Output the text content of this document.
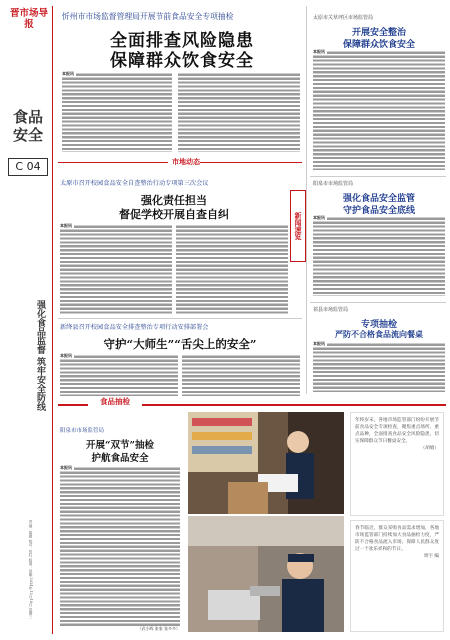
晋市场导报
食品安全
C 04
强化食品监督 筑牢安全防线
责编：胡娟 校对：贺红 版面：蔡娜 2024年12月18日 星期三
忻州市市场监督管理局开展节前食品安全专项抽检
全面排查风险隐患
保障群众饮食安全
本报讯
太原市关草坪区市场监管局
开展安全整治
保障群众饮食安全
本报讯
市地动态
新闻速览
太原市召开校园食品安全自查整治行动专项第三次会议
强化责任担当
督促学校开展自查自纠
本报讯
阳泉市市场监管局
强化食品安全监管
守护食品安全底线
本报讯
祁县市场监管局
专项抽检
严防不合格食品流向餐桌
本报讯
新绛县召开校园食品安全排查整治专项行动安排部署会
守护“大师生”“舌尖上的安全”
本报讯
食品抽检
阳泉市市场监管局
开展“双节”抽检
护航食品安全
本报讯
（武小晖 张家 张多多）
年终岁末，各地市场监管部门纷纷开展节前食品安全专项检查，聚焦重点场所、重点品种，全面排查食品安全风险隐患，切实保障群众节日餐桌安全。
（胡娟）
春节临近，群众采购食品需求增加，各地市场监管部门持续加大食品抽检力度，严防不合格食品流入市场，保障人民群众度过一个欢乐祥和的节日。
周宇 编
